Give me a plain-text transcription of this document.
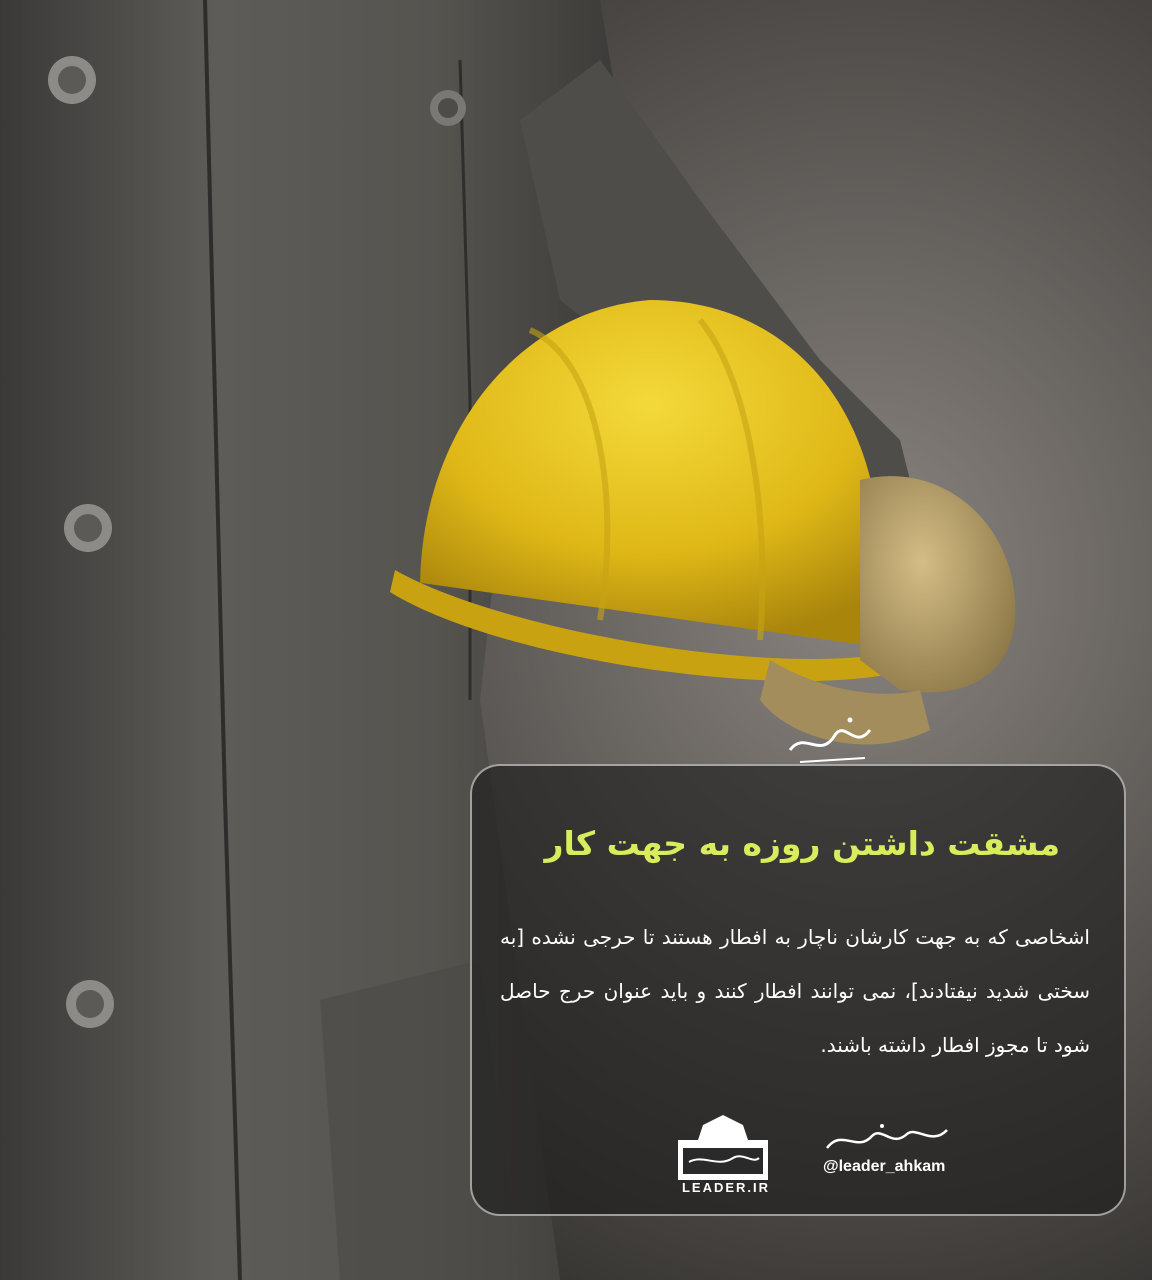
مشقت داشتن روزه به جهت کار
اشخاصی که به جهت کارشان ناچار به افطار هستند تا حرجی نشده [به سختی شدید نیفتادند]، نمی توانند افطار کنند و باید عنوان حرج حاصل شود تا مجوز افطار داشته باشند.
LEADER.IR
@leader_ahkam
